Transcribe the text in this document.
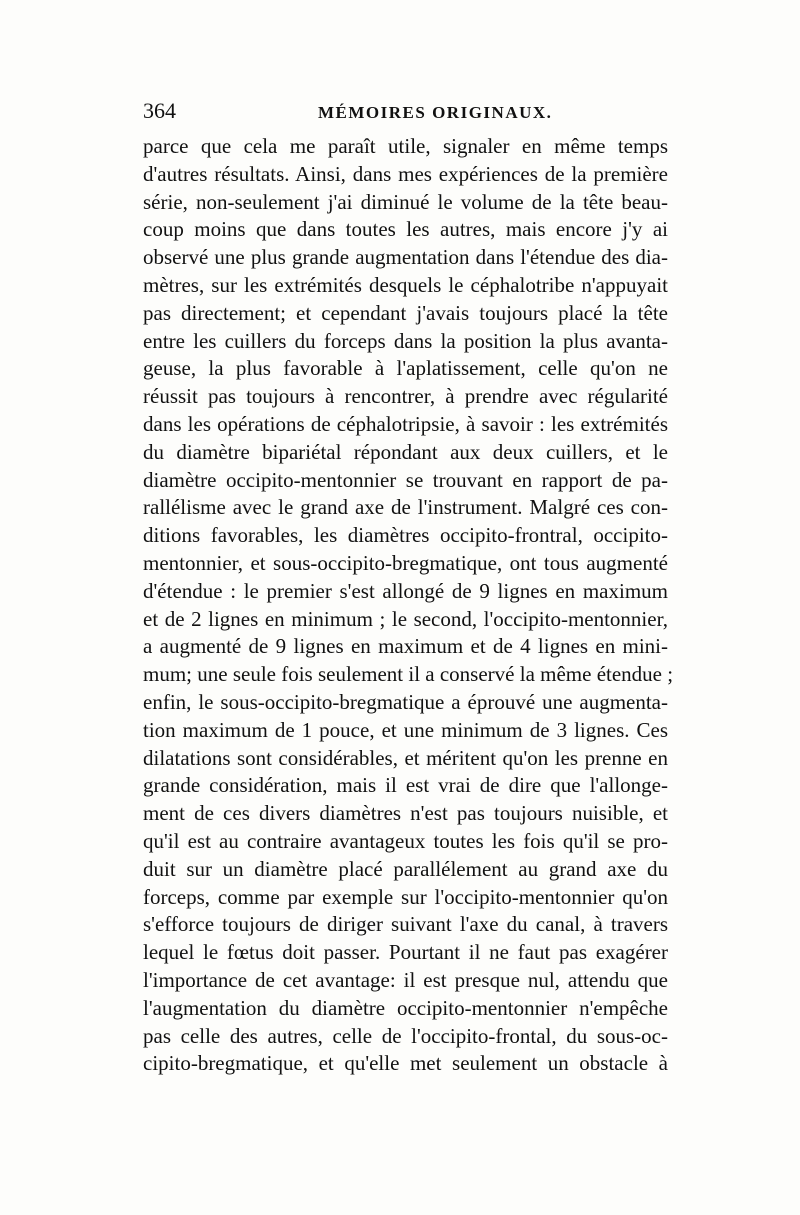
364	MÉMOIRES ORIGINAUX.
parce que cela me paraît utile, signaler en même temps
d'autres résultats. Ainsi, dans mes expériences de la première
série, non-seulement j'ai diminué le volume de la tête beau-
coup moins que dans toutes les autres, mais encore j'y ai
observé une plus grande augmentation dans l'étendue des dia-
mètres, sur les extrémités desquels le céphalotribe n'appuyait
pas directement; et cependant j'avais toujours placé la tête
entre les cuillers du forceps dans la position la plus avanta-
geuse, la plus favorable à l'aplatissement, celle qu'on ne
réussit pas toujours à rencontrer, à prendre avec régularité
dans les opérations de céphalotripsie, à savoir : les extrémités
du diamètre bipariétal répondant aux deux cuillers, et le
diamètre occipito-mentonnier se trouvant en rapport de pa-
rallélisme avec le grand axe de l'instrument. Malgré ces con-
ditions favorables, les diamètres occipito-frontral, occipito-
mentonnier, et sous-occipito-bregmatique, ont tous augmenté
d'étendue : le premier s'est allongé de 9 lignes en maximum
et de 2 lignes en minimum ; le second, l'occipito-mentonnier,
a augmenté de 9 lignes en maximum et de 4 lignes en mini-
mum; une seule fois seulement il a conservé la même étendue ;
enfin, le sous-occipito-bregmatique a éprouvé une augmenta-
tion maximum de 1 pouce, et une minimum de 3 lignes. Ces
dilatations sont considérables, et méritent qu'on les prenne en
grande considération, mais il est vrai de dire que l'allonge-
ment de ces divers diamètres n'est pas toujours nuisible, et
qu'il est au contraire avantageux toutes les fois qu'il se pro-
duit sur un diamètre placé parallélement au grand axe du
forceps, comme par exemple sur l'occipito-mentonnier qu'on
s'efforce toujours de diriger suivant l'axe du canal, à travers
lequel le fœtus doit passer. Pourtant il ne faut pas exagérer
l'importance de cet avantage: il est presque nul, attendu que
l'augmentation du diamètre occipito-mentonnier n'empêche
pas celle des autres, celle de l'occipito-frontal, du sous-oc-
cipito-bregmatique, et qu'elle met seulement un obstacle à
